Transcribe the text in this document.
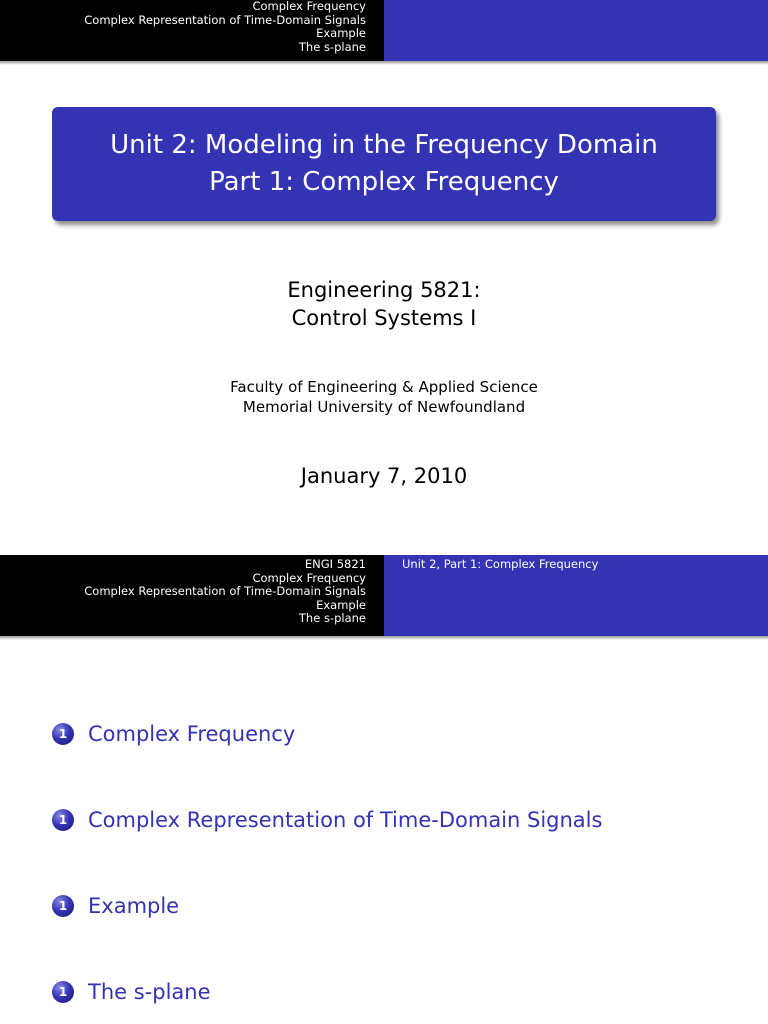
Complex Frequency
Complex Representation of Time-Domain Signals
Example
The s-plane
Unit 2: Modeling in the Frequency Domain
Part 1: Complex Frequency
Engineering 5821:
Control Systems I
Faculty of Engineering & Applied Science
Memorial University of Newfoundland
January 7, 2010
ENGI 5821
Complex Frequency
Complex Representation of Time-Domain Signals
Example
The s-plane
Unit 2, Part 1: Complex Frequency
1 Complex Frequency
1 Complex Representation of Time-Domain Signals
1 Example
1 The s-plane
